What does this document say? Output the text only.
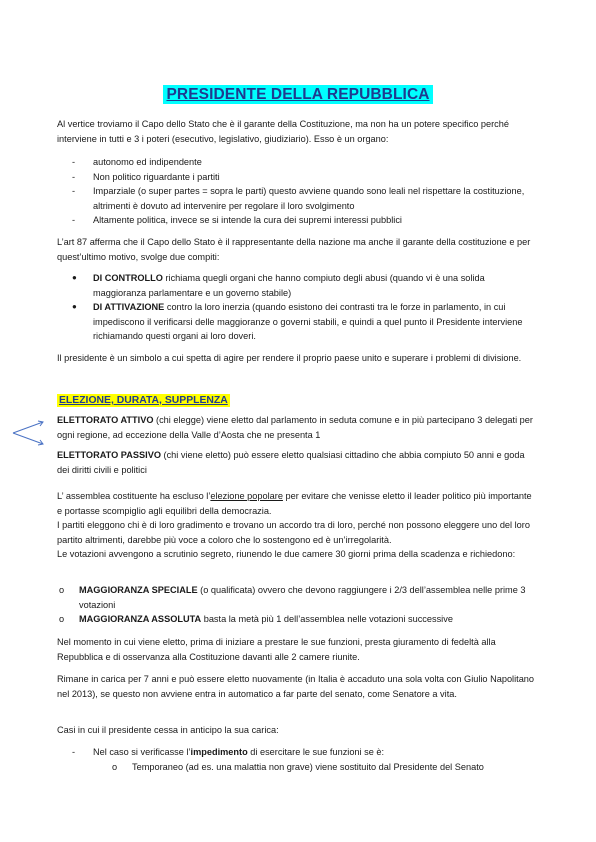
PRESIDENTE DELLA REPUBBLICA

Al vertice troviamo il Capo dello Stato che è il garante della Costituzione, ma non ha un potere specifico perché interviene in tutti e 3 i poteri (esecutivo, legislativo, giudiziario). Esso è un organo:

- autonomo ed indipendente
- Non politico riguardante i partiti
- Imparziale (o super partes = sopra le parti) questo avviene quando sono leali nel rispettare la costituzione, altrimenti è dovuto ad intervenire per regolare il loro svolgimento
- Altamente politica, invece se si intende la cura dei supremi interessi pubblici

L’art 87 afferma che il Capo dello Stato è il rappresentante della nazione ma anche il garante della costituzione e per quest’ultimo motivo, svolge due compiti:

● DI CONTROLLO richiama quegli organi che hanno compiuto degli abusi (quando vi è una solida maggioranza parlamentare e un governo stabile)
● DI ATTIVAZIONE contro la loro inerzia (quando esistono dei contrasti tra le forze in parlamento, in cui impediscono il verificarsi delle maggioranze o governi stabili, e quindi a quel punto il Presidente interviene richiamando questi organi ai loro doveri.

Il presidente è un simbolo a cui spetta di agire per rendere il proprio paese unito e superare i problemi di divisione.

ELEZIONE, DURATA, SUPPLENZA

ELETTORATO ATTIVO (chi elegge) viene eletto dal parlamento in seduta comune e in più partecipano 3 delegati per ogni regione, ad eccezione della Valle d’Aosta che ne presenta 1

ELETTORATO PASSIVO (chi viene eletto) può essere eletto qualsiasi cittadino che abbia compiuto 50 anni e goda dei diritti civili e politici

L’ assemblea costituente ha escluso l’elezione popolare per evitare che venisse eletto il leader politico più importante e portasse scompiglio agli equilibri della democrazia.
I partiti eleggono chi è di loro gradimento e trovano un accordo tra di loro, perché non possono eleggere uno del loro partito altrimenti, darebbe più voce a coloro che lo sostengono ed è un’irregolarità.
Le votazioni avvengono a scrutinio segreto, riunendo le due camere 30 giorni prima della scadenza e richiedono:
o MAGGIORANZA SPECIALE (o qualificata) ovvero che devono raggiungere i 2/3 dell’assemblea nelle prime 3 votazioni
o MAGGIORANZA ASSOLUTA basta la metà più 1 dell’assemblea nelle votazioni successive

Nel momento in cui viene eletto, prima di iniziare a prestare le sue funzioni, presta giuramento di fedeltà alla Repubblica e di osservanza alla Costituzione davanti alle 2 camere riunite.

Rimane in carica per 7 anni e può essere eletto nuovamente (in Italia è accaduto una sola volta con Giulio Napolitano nel 2013), se questo non avviene entra in automatico a far parte del senato, come Senatore a vita.

Casi in cui il presidente cessa in anticipo la sua carica:

- Nel caso si verificasse l’impedimento di esercitare le sue funzioni se è:
o Temporaneo (ad es. una malattia non grave) viene sostituito dal Presidente del Senato
